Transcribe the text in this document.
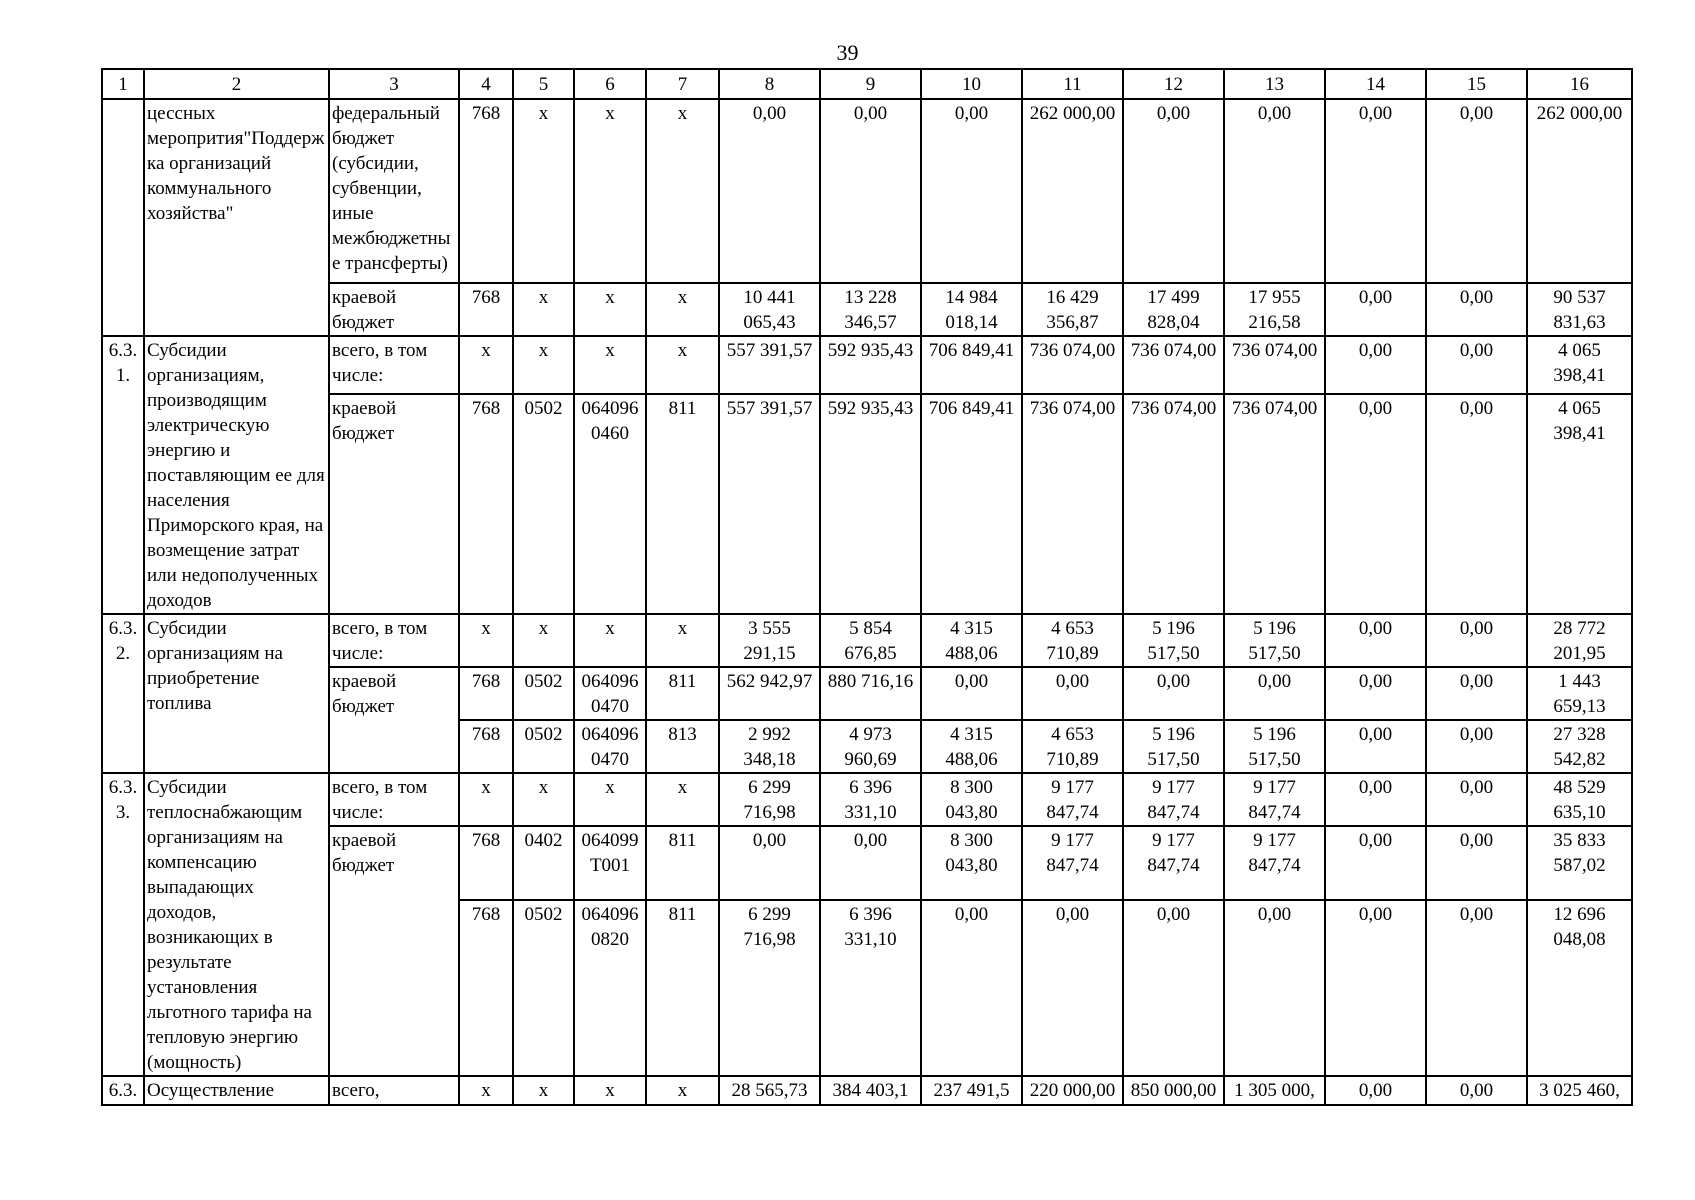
39
1	2	3	4	5	6	7	8	9	10	11	12	13	14	15	16
	цессных меропрития"Поддержка организаций коммунального хозяйства"	федеральный бюджет (субсидии, субвенции, иные межбюджетные трансферты)	768	х	х	х	0,00	0,00	0,00	262 000,00	0,00	0,00	0,00	0,00	262 000,00
		краевой бюджет	768	х	х	х	10 441 065,43	13 228 346,57	14 984 018,14	16 429 356,87	17 499 828,04	17 955 216,58	0,00	0,00	90 537 831,63
6.3.1.	Субсидии организациям, производящим электрическую энергию и поставляющим ее для населения Приморского края, на возмещение затрат или недополученных доходов	всего, в том числе:	х	х	х	х	557 391,57	592 935,43	706 849,41	736 074,00	736 074,00	736 074,00	0,00	0,00	4 065 398,41
		краевой бюджет	768	0502	0640960460	811	557 391,57	592 935,43	706 849,41	736 074,00	736 074,00	736 074,00	0,00	0,00	4 065 398,41
6.3.2.	Субсидии организациям на приобретение топлива	всего, в том числе:	х	х	х	х	3 555 291,15	5 854 676,85	4 315 488,06	4 653 710,89	5 196 517,50	5 196 517,50	0,00	0,00	28 772 201,95
		краевой бюджет	768	0502	0640960470	811	562 942,97	880 716,16	0,00	0,00	0,00	0,00	0,00	0,00	1 443 659,13
			768	0502	0640960470	813	2 992 348,18	4 973 960,69	4 315 488,06	4 653 710,89	5 196 517,50	5 196 517,50	0,00	0,00	27 328 542,82
6.3.3.	Субсидии теплоснабжающим организациям на компенсацию выпадающих доходов, возникающих в результате установления льготного тарифа на тепловую энергию (мощность)	всего, в том числе:	х	х	х	х	6 299 716,98	6 396 331,10	8 300 043,80	9 177 847,74	9 177 847,74	9 177 847,74	0,00	0,00	48 529 635,10
		краевой бюджет	768	0402	064099Т001	811	0,00	0,00	8 300 043,80	9 177 847,74	9 177 847,74	9 177 847,74	0,00	0,00	35 833 587,02
			768	0502	0640960820	811	6 299 716,98	6 396 331,10	0,00	0,00	0,00	0,00	0,00	0,00	12 696 048,08
6.3.	Осуществление	всего,	х	х	х	х	28 565,73	384 403,1	237 491,5	220 000,00	850 000,00	1 305 000,	0,00	0,00	3 025 460,
